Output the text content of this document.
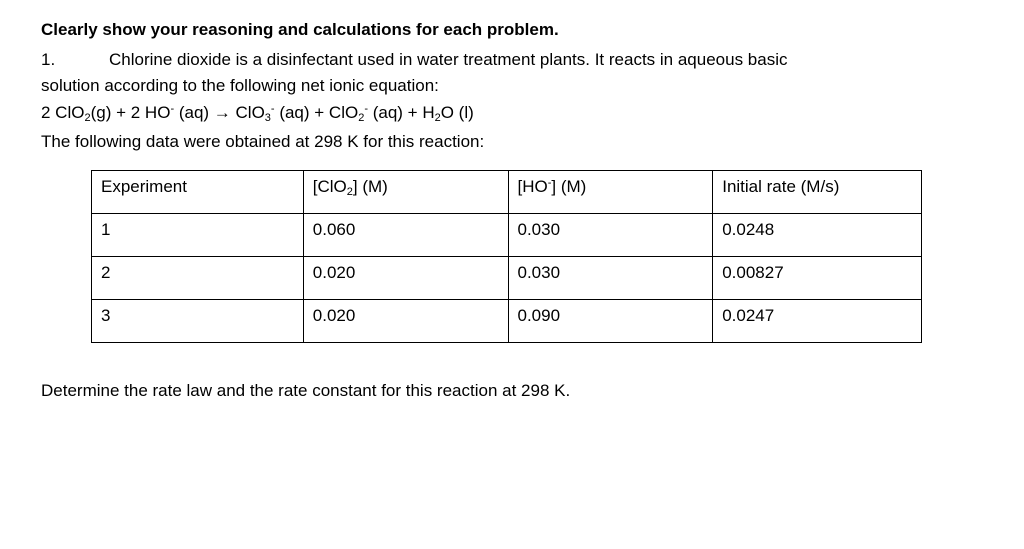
Clearly show your reasoning and calculations for each problem.
1.	Chlorine dioxide is a disinfectant used in water treatment plants. It reacts in aqueous basic
solution according to the following net ionic equation:
2 ClO$_2$(g) + 2 HO- (aq) → ClO$_3$- (aq) + ClO$_2$- $(aq) + H_2O$ (l)
The following data were obtained at 298 K for this reaction:
Experiment	[ClO$_2$] (M)	[HO-] (M)	Initial rate (M/s)
1	0.060	0.030	0.0248
2	0.020	0.030	0.00827
3	0.020	0.090	0.0247
Determine the rate law and the rate constant for this reaction at 298 K.
